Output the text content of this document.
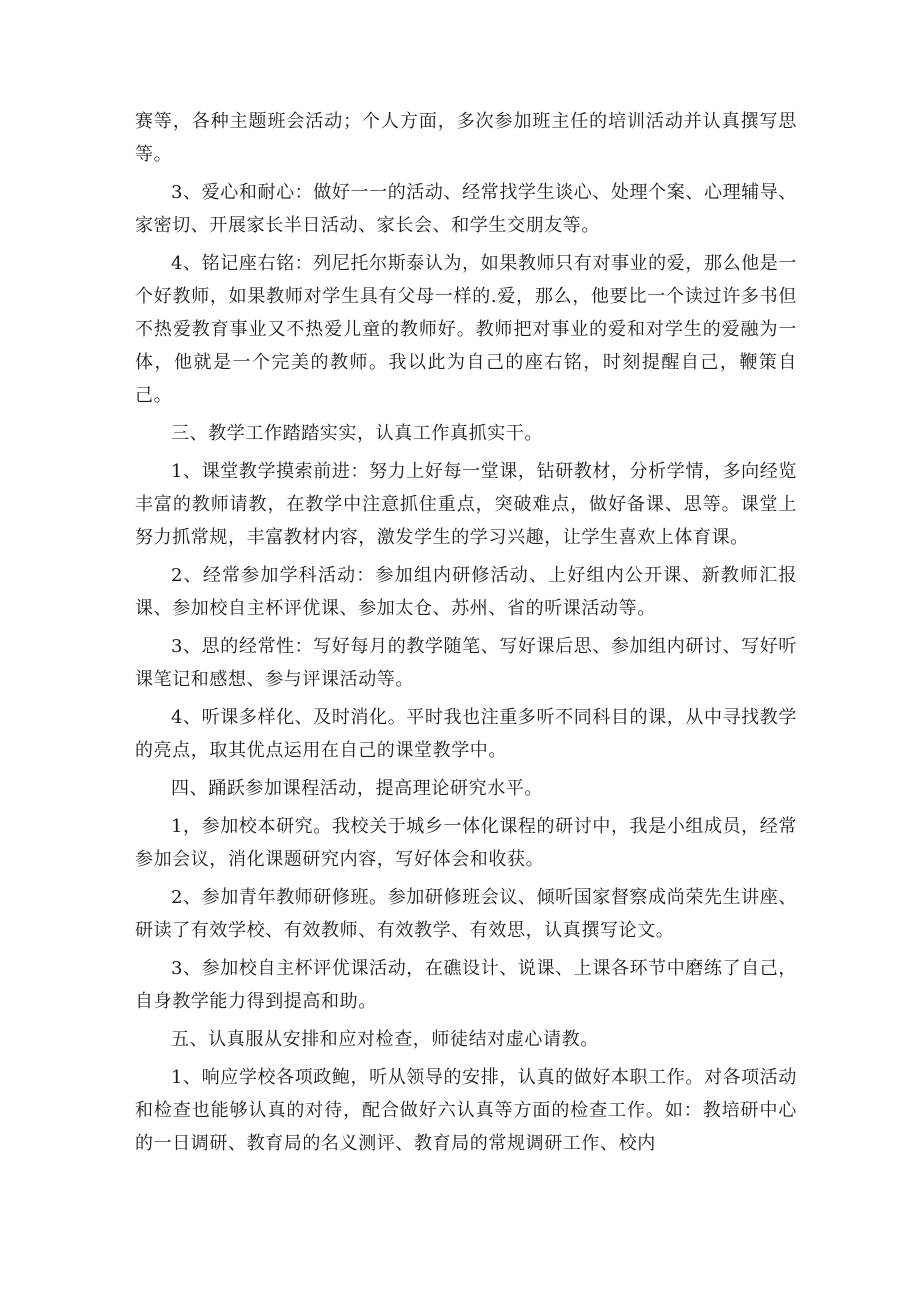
赛等，各种主题班会活动；个人方面，多次参加班主任的培训活动并认真撰写思等。

3、爱心和耐心：做好一一的活动、经常找学生谈心、处理个案、心理辅导、家密切、开展家长半日活动、家长会、和学生交朋友等。

4、铭记座右铭：列尼托尔斯泰认为，如果教师只有对事业的爱，那么他是一个好教师，如果教师对学生具有父母一样的.爱，那么，他要比一个读过许多书但不热爱教育事业又不热爱儿童的教师好。教师把对事业的爱和对学生的爱融为一体，他就是一个完美的教师。我以此为自己的座右铭，时刻提醒自己，鞭策自己。

三、教学工作踏踏实实，认真工作真抓实干。

1、课堂教学摸索前进：努力上好每一堂课，钻研教材，分析学情，多向经览丰富的教师请教，在教学中注意抓住重点，突破难点，做好备课、思等。课堂上努力抓常规，丰富教材内容，激发学生的学习兴趣，让学生喜欢上体育课。

2、经常参加学科活动：参加组内研修活动、上好组内公开课、新教师汇报课、参加校自主杯评优课、参加太仓、苏州、省的听课活动等。

3、思的经常性：写好每月的教学随笔、写好课后思、参加组内研讨、写好听课笔记和感想、参与评课活动等。

4、听课多样化、及时消化。平时我也注重多听不同科目的课，从中寻找教学的亮点，取其优点运用在自己的课堂教学中。

四、踊跃参加课程活动，提高理论研究水平。

1，参加校本研究。我校关于城乡一体化课程的研讨中，我是小组成员，经常参加会议，消化课题研究内容，写好体会和收获。

2、参加青年教师研修班。参加研修班会议、倾听国家督察成尚荣先生讲座、研读了有效学校、有效教师、有效教学、有效思，认真撰写论文。

3、参加校自主杯评优课活动，在礁设计、说课、上课各环节中磨练了自己，自身教学能力得到提高和助。

五、认真服从安排和应对检查，师徒结对虚心请教。

1、响应学校各项政鲍，听从领导的安排，认真的做好本职工作。对各项活动和检查也能够认真的对待，配合做好六认真等方面的检查工作。如：教培研中心的一日调研、教育局的名义测评、教育局的常规调研工作、校内
